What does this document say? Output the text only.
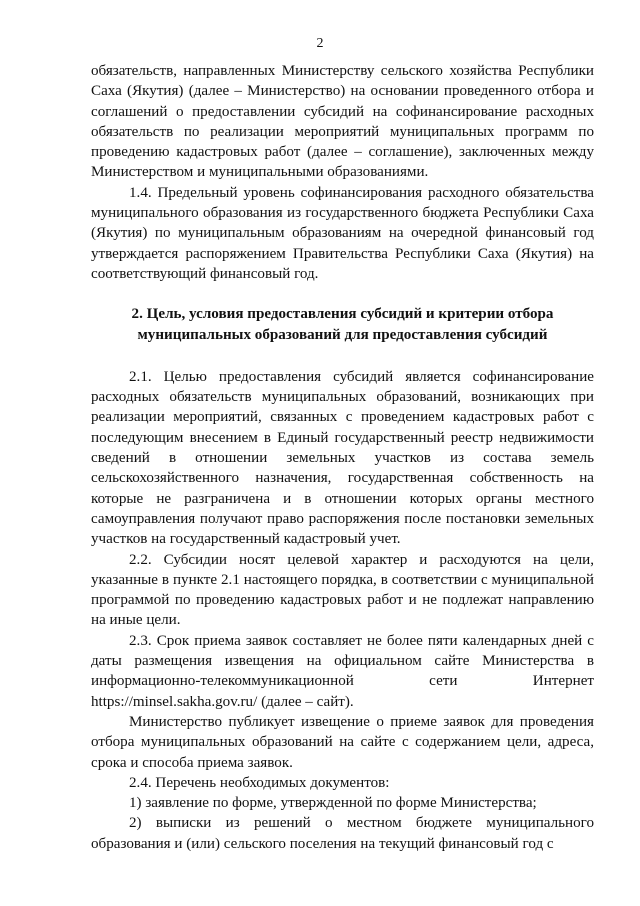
2

обязательств, направленных Министерству сельского хозяйства Республики Саха (Якутия) (далее – Министерство) на основании проведенного отбора и соглашений о предоставлении субсидий на софинансирование расходных обязательств по реализации мероприятий муниципальных программ по проведению кадастровых работ (далее – соглашение), заключенных между Министерством и муниципальными образованиями.

1.4. Предельный уровень софинансирования расходного обязательства муниципального образования из государственного бюджета Республики Саха (Якутия) по муниципальным образованиям на очередной финансовый год утверждается распоряжением Правительства Республики Саха (Якутия) на соответствующий финансовый год.

2. Цель, условия предоставления субсидий и критерии отбора муниципальных образований для предоставления субсидий

2.1. Целью предоставления субсидий является софинансирование расходных обязательств муниципальных образований, возникающих при реализации мероприятий, связанных с проведением кадастровых работ с последующим внесением в Единый государственный реестр недвижимости сведений в отношении земельных участков из состава земель сельскохозяйственного назначения, государственная собственность на которые не разграничена и в отношении которых органы местного самоуправления получают право распоряжения после постановки земельных участков на государственный кадастровый учет.

2.2. Субсидии носят целевой характер и расходуются на цели, указанные в пункте 2.1 настоящего порядка, в соответствии с муниципальной программой по проведению кадастровых работ и не подлежат направлению на иные цели.

2.3. Срок приема заявок составляет не более пяти календарных дней с даты размещения извещения на официальном сайте Министерства в информационно-телекоммуникационной сети Интернет https://minsel.sakha.gov.ru/ (далее – сайт).

Министерство публикует извещение о приеме заявок для проведения отбора муниципальных образований на сайте с содержанием цели, адреса, срока и способа приема заявок.

2.4. Перечень необходимых документов:

1) заявление по форме, утвержденной по форме Министерства;

2) выписки из решений о местном бюджете муниципального образования и (или) сельского поселения на текущий финансовый год с
